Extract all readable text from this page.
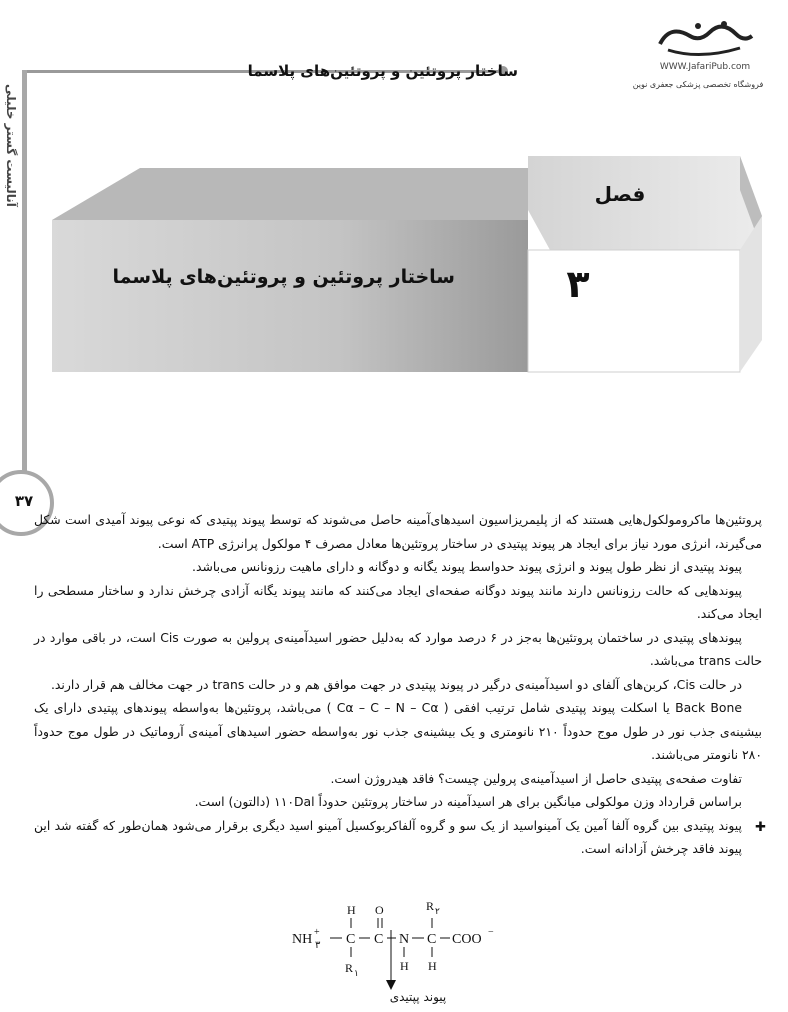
WWW.JafariPub.com
فروشگاه تخصصی پزشکی جعفری نوین
ساختار پروتئین و پروتئین‌های پلاسما
آنالیست گستر خلیلی
۳۷
فصل
۳
ساختار پروتئین و پروتئین‌های پلاسما

پروتئین‌ها ماکرومولکول‌هایی هستند که از پلیمریزاسیون اسیدهای‌آمینه حاصل می‌شوند که توسط پیوند پپتیدی که نوعی پیوند آمیدی است شکل می‌گیرند، انرژی مورد نیاز برای ایجاد هر پیوند پپتیدی در ساختار پروتئین‌ها معادل مصرف ۴ مولکول پرانرژی ATP است.

پیوند پپتیدی از نظر طول پیوند و انرژی پیوند حدواسط پیوند یگانه و دوگانه و دارای ماهیت رزونانس می‌باشد.

پیوندهایی که حالت رزونانس دارند مانند پیوند دوگانه صفحه‌ای ایجاد می‌کنند که مانند پیوند یگانه آزادی چرخش ندارد و ساختار مسطحی را ایجاد می‌کند.

پیوندهای پپتیدی در ساختمان پروتئین‌ها به‌جز در ۶ درصد موارد که به‌دلیل حضور اسیدآمینه‌ی پرولین به صورت Cis است، در باقی موارد در حالت trans می‌باشد.

در حالت Cis، کربن‌های آلفای دو اسیدآمینه‌ی درگیر در پیوند پپتیدی در جهت موافق هم و در حالت trans در جهت مخالف هم قرار دارند.

Back Bone یا اسکلت پیوند پپتیدی شامل ترتیب افقی ( Cα – C – N – Cα ) می‌باشد، پروتئین‌ها به‌واسطه پیوندهای پپتیدی دارای یک بیشینه‌ی جذب نور در طول موج حدوداً ۲۱۰ نانومتری و یک بیشینه‌ی جذب نور به‌واسطه حضور اسیدهای آمینه‌ی آروماتیک در طول موج حدوداً ۲۸۰ نانومتر می‌باشند.

تفاوت صفحه‌ی پپتیدی حاصل از اسیدآمینه‌ی پرولین چیست؟ فاقد هیدروژن است.

براساس قرارداد وزن مولکولی میانگین برای هر اسیدآمینه در ساختار پروتئین حدوداً ۱۱۰Dal (دالتون) است.

✚

پیوند پپتیدی بین گروه آلفا آمین یک آمینواسید از یک سو و گروه آلفاکربوکسیل آمینو اسید دیگری برقرار می‌شود همان‌طور که گفته شد این پیوند فاقد چرخش آزادانه است.

NH +
۳ C C N C COO −
H
R ۱
O
H
R ۲
H
پیوند پپتیدی
